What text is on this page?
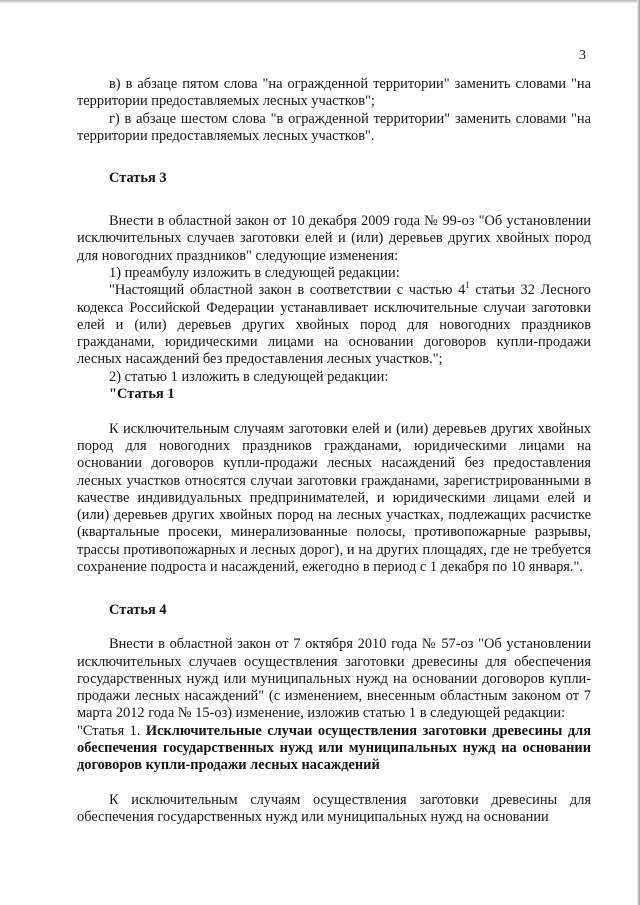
3

в) в абзаце пятом слова "на огражденной территории" заменить словами "на территории предоставляемых лесных участков";

г) в абзаце шестом слова "в огражденной территории" заменить словами "на территории предоставляемых лесных участков".

Статья 3

Внести в областной закон от 10 декабря 2009 года № 99-оз "Об установлении исключительных случаев заготовки елей и (или) деревьев других хвойных пород для новогодних праздников" следующие изменения:

1) преамбулу изложить в следующей редакции:

"Настоящий областной закон в соответствии с частью $4^1$ статьи 32 Лесного кодекса Российской Федерации устанавливает исключительные случаи заготовки елей и (или) деревьев других хвойных пород для новогодних праздников гражданами, юридическими лицами на основании договоров купли-продажи лесных насаждений без предоставления лесных участков.";

2) статью 1 изложить в следующей редакции:

"Статья 1

К исключительным случаям заготовки елей и (или) деревьев других хвойных пород для новогодних праздников гражданами, юридическими лицами на основании договоров купли-продажи лесных насаждений без предоставления лесных участков относятся случаи заготовки гражданами, зарегистрированными в качестве индивидуальных предпринимателей, и юридическими лицами елей и (или) деревьев других хвойных пород на лесных участках, подлежащих расчистке (квартальные просеки, минерализованные полосы, противопожарные разрывы, трассы противопожарных и лесных дорог), и на других площадях, где не требуется сохранение подроста и насаждений, ежегодно в период с 1 декабря по 10 января.".

Статья 4

Внести в областной закон от 7 октября 2010 года № 57-оз "Об установлении исключительных случаев осуществления заготовки древесины для обеспечения государственных нужд или муниципальных нужд на основании договоров купли-продажи лесных насаждений" (с изменением, внесенным областным законом от 7 марта 2012 года № 15-оз) изменение, изложив статью 1 в следующей редакции:

"Статья 1. Исключительные случаи осуществления заготовки древесины для обеспечения государственных нужд или муниципальных нужд на основании договоров купли-продажи лесных насаждений

К исключительным случаям осуществления заготовки древесины для обеспечения государственных нужд или муниципальных нужд на основании
